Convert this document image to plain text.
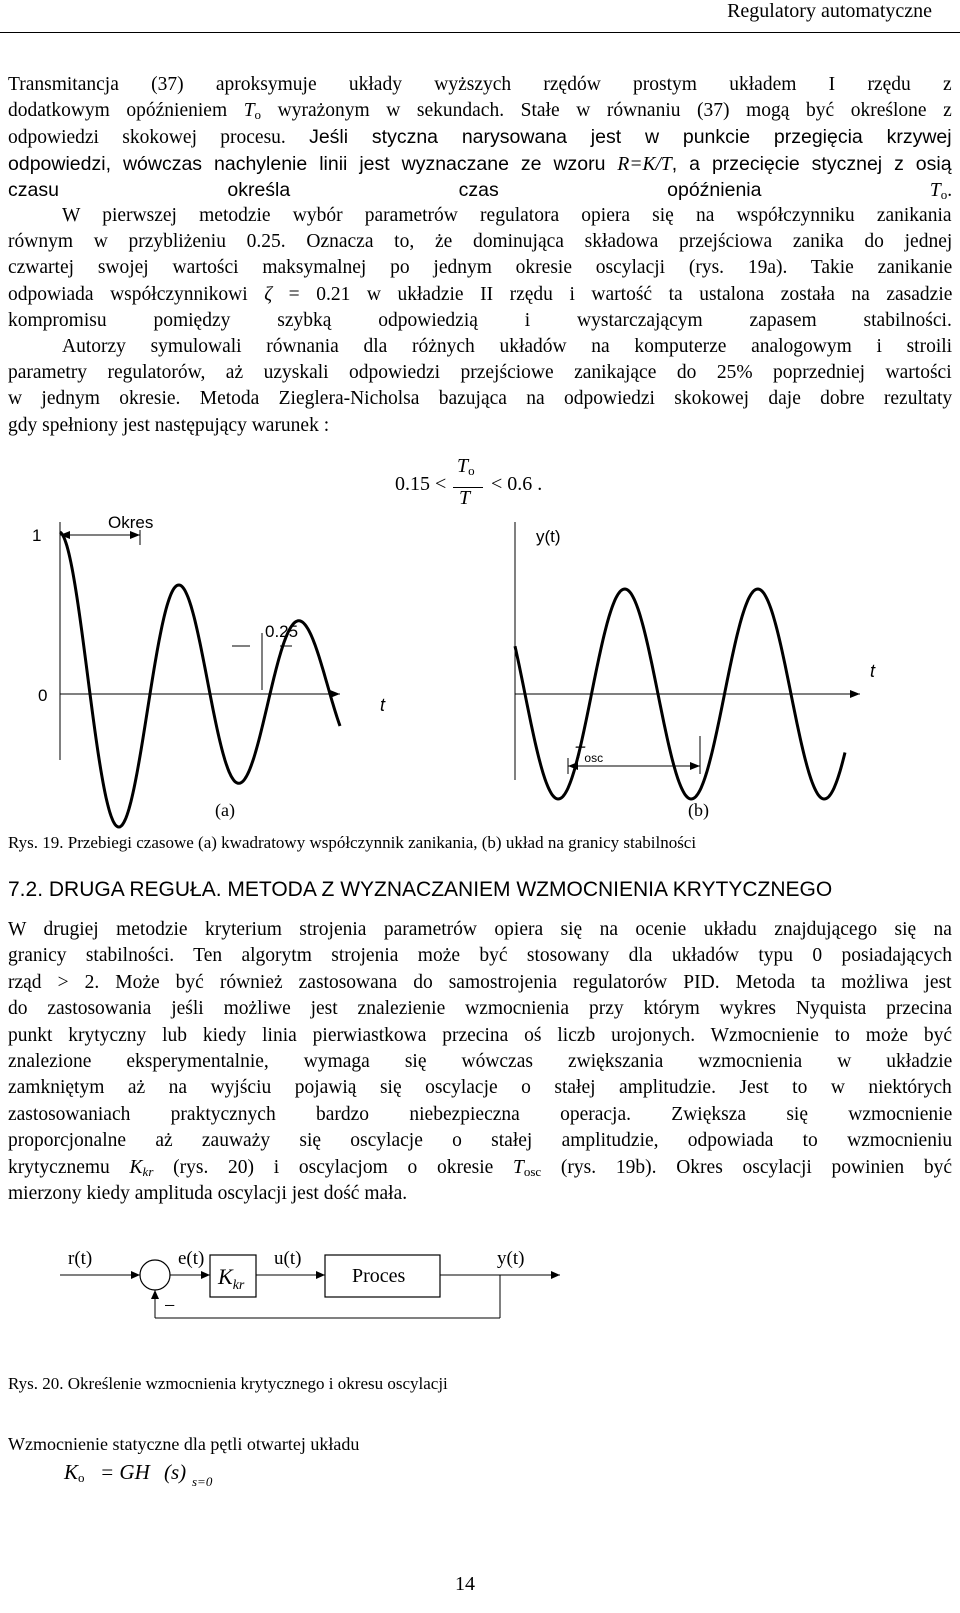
Regulatory automatyczne
Transmitancja (37) aproksymuje układy wyższych rzędów prostym układem I rzędu z
dodatkowym opóźnieniem $T_o$ wyrażonym w sekundach. Stałe w równaniu (37) mogą być określone z
odpowiedzi skokowej procesu. Jeśli styczna narysowana jest w punkcie przegięcia krzywej
odpowiedzi, wówczas nachylenie linii jest wyznaczane ze wzoru R=K/T, a przecięcie stycznej z osią
czasu określa czas opóźnienia $T_o$.
W pierwszej metodzie wybór parametrów regulatora opiera się na współczynniku zanikania
równym w przybliżeniu 0.25. Oznacza to, że dominująca składowa przejściowa zanika do jednej
czwartej swojej wartości maksymalnej po jednym okresie oscylacji (rys. 19a). Takie zanikanie
odpowiada współczynnikowi ζ = 0.21 w układzie II rzędu i wartość ta ustalona została na zasadzie
kompromisu pomiędzy szybką odpowiedzią i wystarczającym zapasem stabilności.
Autorzy symulowali równania dla różnych układów na komputerze analogowym i stroili
parametry regulatorów, aż uzyskali odpowiedzi przejściowe zanikające do 25% poprzedniej wartości
w jednym okresie. Metoda Zieglera-Nicholsa bazująca na odpowiedzi skokowej daje dobre rezultaty
gdy spełniony jest następujący warunek :
0.15 <
$T_o$
T
< 0.6 .
1
0
Okres
0.25
t
y(t)
t
$T_{osc}$
(a)	(b)
Rys. 19. Przebiegi czasowe (a) kwadratowy współczynnik zanikania, (b) układ na granicy stabilności
7.2. DRUGA REGUŁA. METODA Z WYZNACZANIEM WZMOCNIENIA KRYTYCZNEGO
W drugiej metodzie kryterium strojenia parametrów opiera się na ocenie układu znajdującego się na
granicy stabilności. Ten algorytm strojenia może być stosowany dla układów typu 0 posiadających
rząd > 2. Może być również zastosowana do samostrojenia regulatorów PID. Metoda ta możliwa jest
do zastosowania jeśli możliwe jest znalezienie wzmocnienia przy którym wykres Nyquista przecina
punkt krytyczny lub kiedy linia pierwiastkowa przecina oś liczb urojonych. Wzmocnienie to może być
znalezione eksperymentalnie, wymaga się wówczas zwiększania wzmocnienia w układzie
zamkniętym aż na wyjściu pojawią się oscylacje o stałej amplitudzie. Jest to w niektórych
zastosowaniach praktycznych bardzo niebezpieczna operacja. Zwiększa się wzmocnienie
proporcjonalne aż zauważy się oscylacje o stałej amplitudzie, odpowiada to wzmocnieniu
krytycznemu $K_{kr}$ (rys. 20) i oscylacjom o okresie $T_{osc}$ (rys. 19b). Okres oscylacji powinien być
mierzony kiedy amplituda oscylacji jest dość mała.
r(t)	e(t)	u(t)	y(t)
$K_{kr}$	Proces
−
Rys. 20. Określenie wzmocnienia krytycznego i okresu oscylacji
Wzmocnienie statyczne dla pętli otwartej układu
$K_o$ = GH (s) s=0
14
